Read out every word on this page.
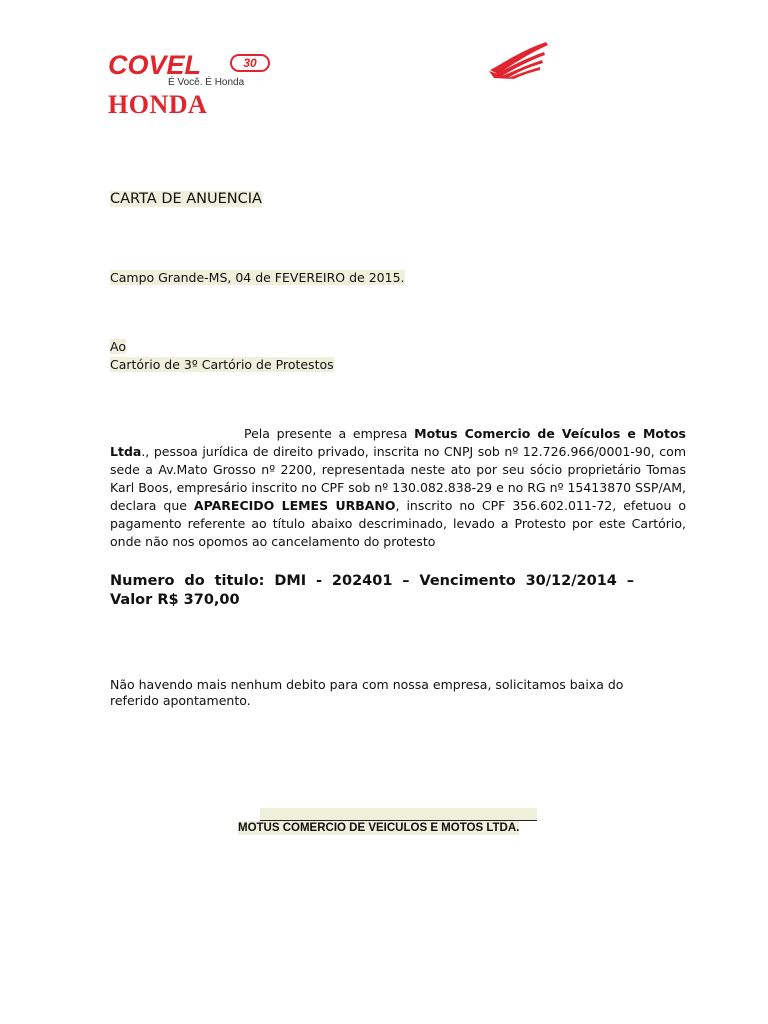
COVEL	30
É Você. É Honda
HONDA
CARTA DE ANUENCIA
Campo Grande-MS, 04 de FEVEREIRO de 2015.
Ao
Cartório de 3º Cartório de Protestos
Pela presente a empresa Motus Comercio de Veículos e Motos Ltda., pessoa jurídica de direito privado, inscrita no CNPJ sob nº 12.726.966/0001-90, com sede a Av.Mato Grosso nº 2200, representada neste ato por seu sócio proprietário Tomas Karl Boos, empresário inscrito no CPF sob nº 130.082.838-29 e no RG nº 15413870 SSP/AM, declara que APARECIDO LEMES URBANO, inscrito no CPF 356.602.011-72, efetuou o pagamento referente ao título abaixo descriminado, levado a Protesto por este Cartório, onde não nos opomos ao cancelamento do protesto
Numero do titulo: DMI - 202401 – Vencimento 30/12/2014 – Valor R$ 370,00
Não havendo mais nenhum debito para com nossa empresa, solicitamos baixa do referido apontamento.
MOTUS COMERCIO DE VEICULOS E MOTOS LTDA.
